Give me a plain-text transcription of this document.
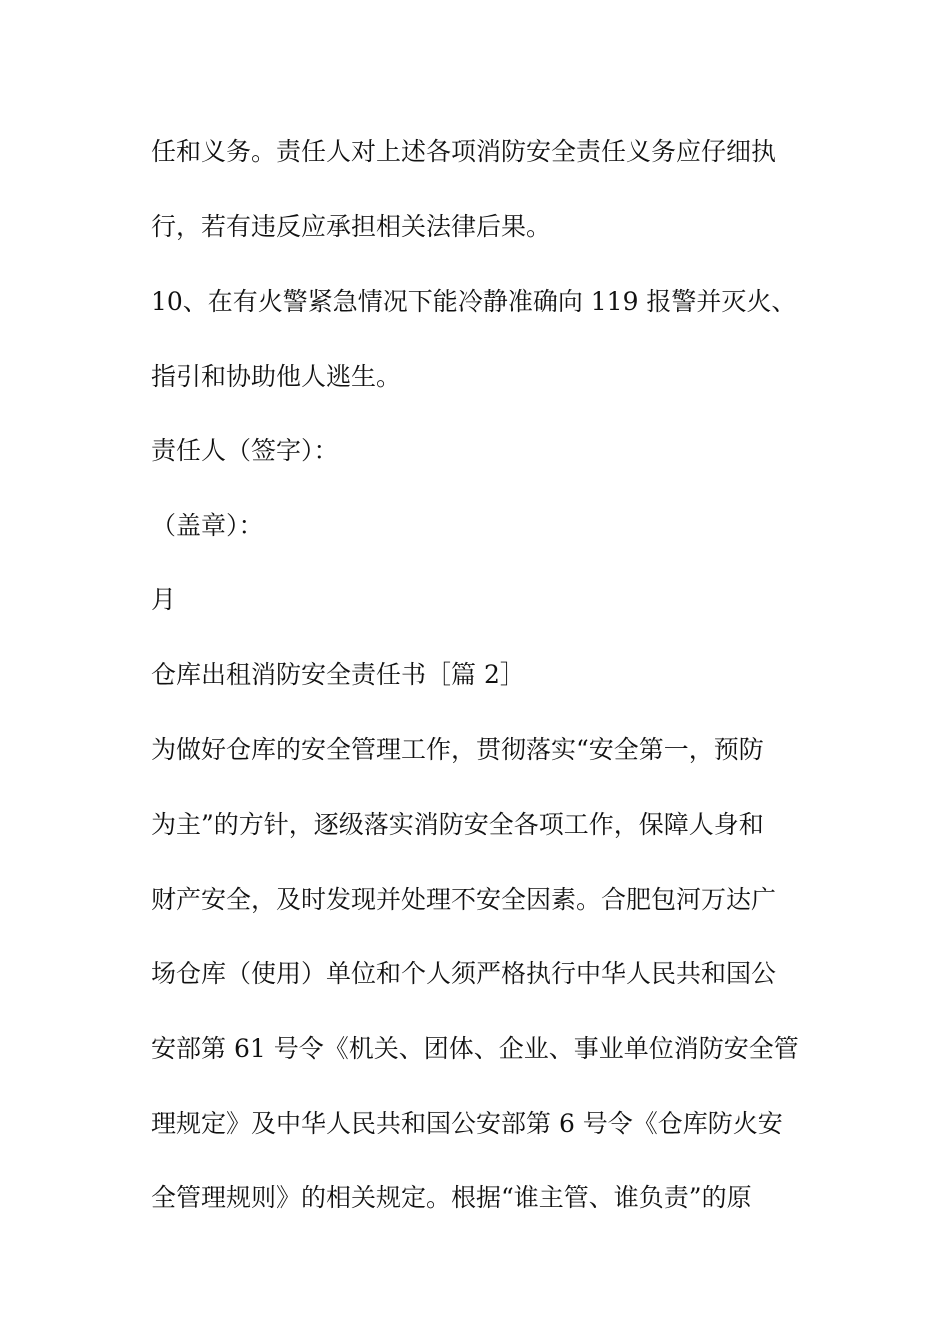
任和义务。责任人对上述各项消防安全责任义务应仔细执

行，若有违反应承担相关法律后果。

10、在有火警紧急情况下能冷静准确向 119 报警并灭火、

指引和协助他人逃生。

责任人（签字）：

（盖章）：

月

仓库出租消防安全责任书［篇 2］

为做好仓库的安全管理工作，贯彻落实“安全第一，预防

为主”的方针，逐级落实消防安全各项工作，保障人身和

财产安全，及时发现并处理不安全因素。合肥包河万达广

场仓库（使用）单位和个人须严格执行中华人民共和国公

安部第 61 号令《机关、团体、企业、事业单位消防安全管

理规定》及中华人民共和国公安部第 6 号令《仓库防火安

全管理规则》的相关规定。根据“谁主管、谁负责”的原
